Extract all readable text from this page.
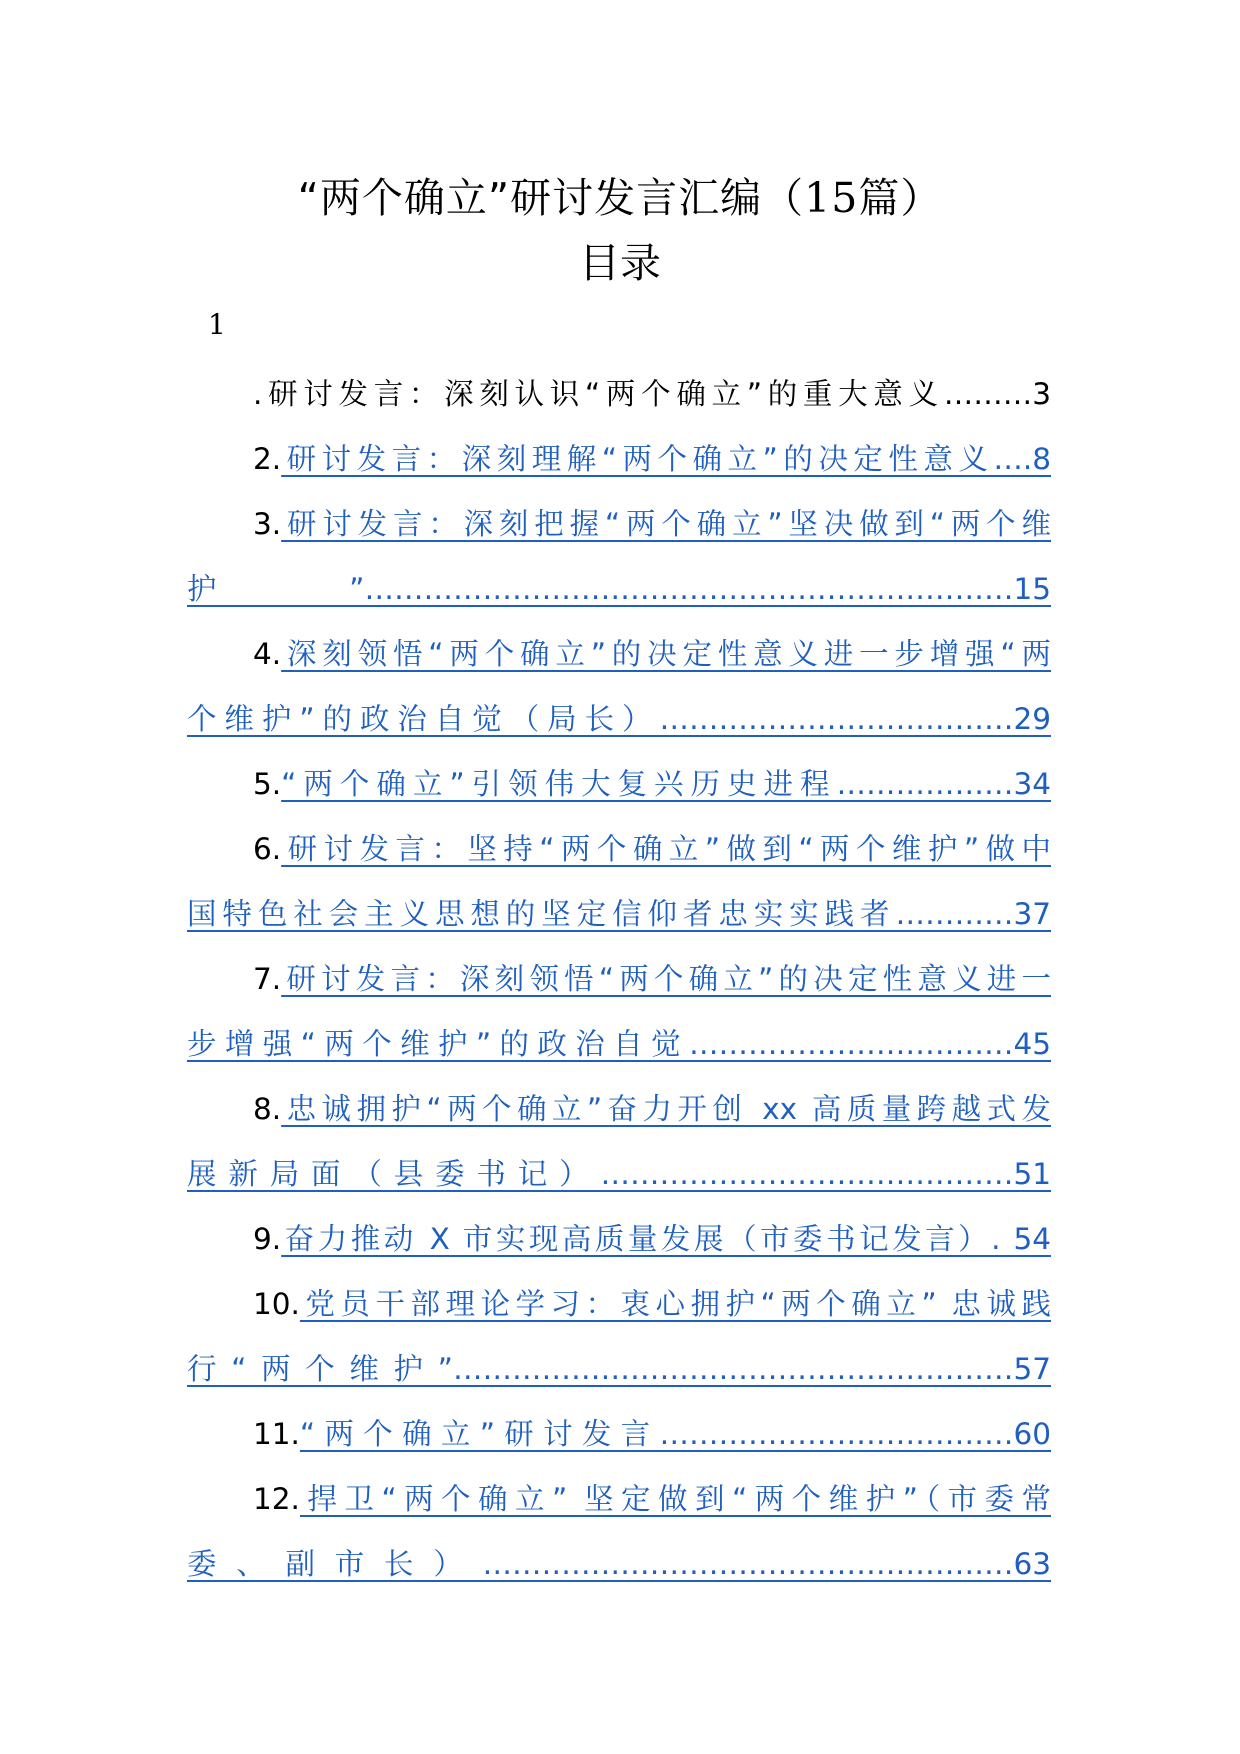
“两个确立”研讨发言汇编（15篇）
目录
1
.研讨发言：深刻认识“两个确立”的重大意义………3
2.研讨发言：深刻理解“两个确立”的决定性意义….8
3.研讨发言：深刻把握“两个确立”坚决做到“两个维
护”…………………………………………………………15
4.深刻领悟“两个确立”的决定性意义进一步增强“两
个维护”的政治自觉（局长）………………………………29
5.“两个确立”引领伟大复兴历史进程………………34
6.研讨发言：坚持“两个确立”做到“两个维护”做中
国特色社会主义思想的坚定信仰者忠实实践者…………37
7.研讨发言：深刻领悟“两个确立”的决定性意义进一
步增强“两个维护”的政治自觉……………………………45
8.忠诚拥护“两个确立”奋力开创 xx 高质量跨越式发
展新局面（县委书记）……………………………………51
9.奋力推动 X 市实现高质量发展（市委书记发言）. 54
10.党员干部理论学习：衷心拥护“两个确立” 忠诚践
行“两个维护”…………………………………………………57
11.“两个确立”研讨发言………………………………60
12.捍卫“两个确立” 坚定做到“两个维护”（市委常
委、副市长）………………………………………………63
